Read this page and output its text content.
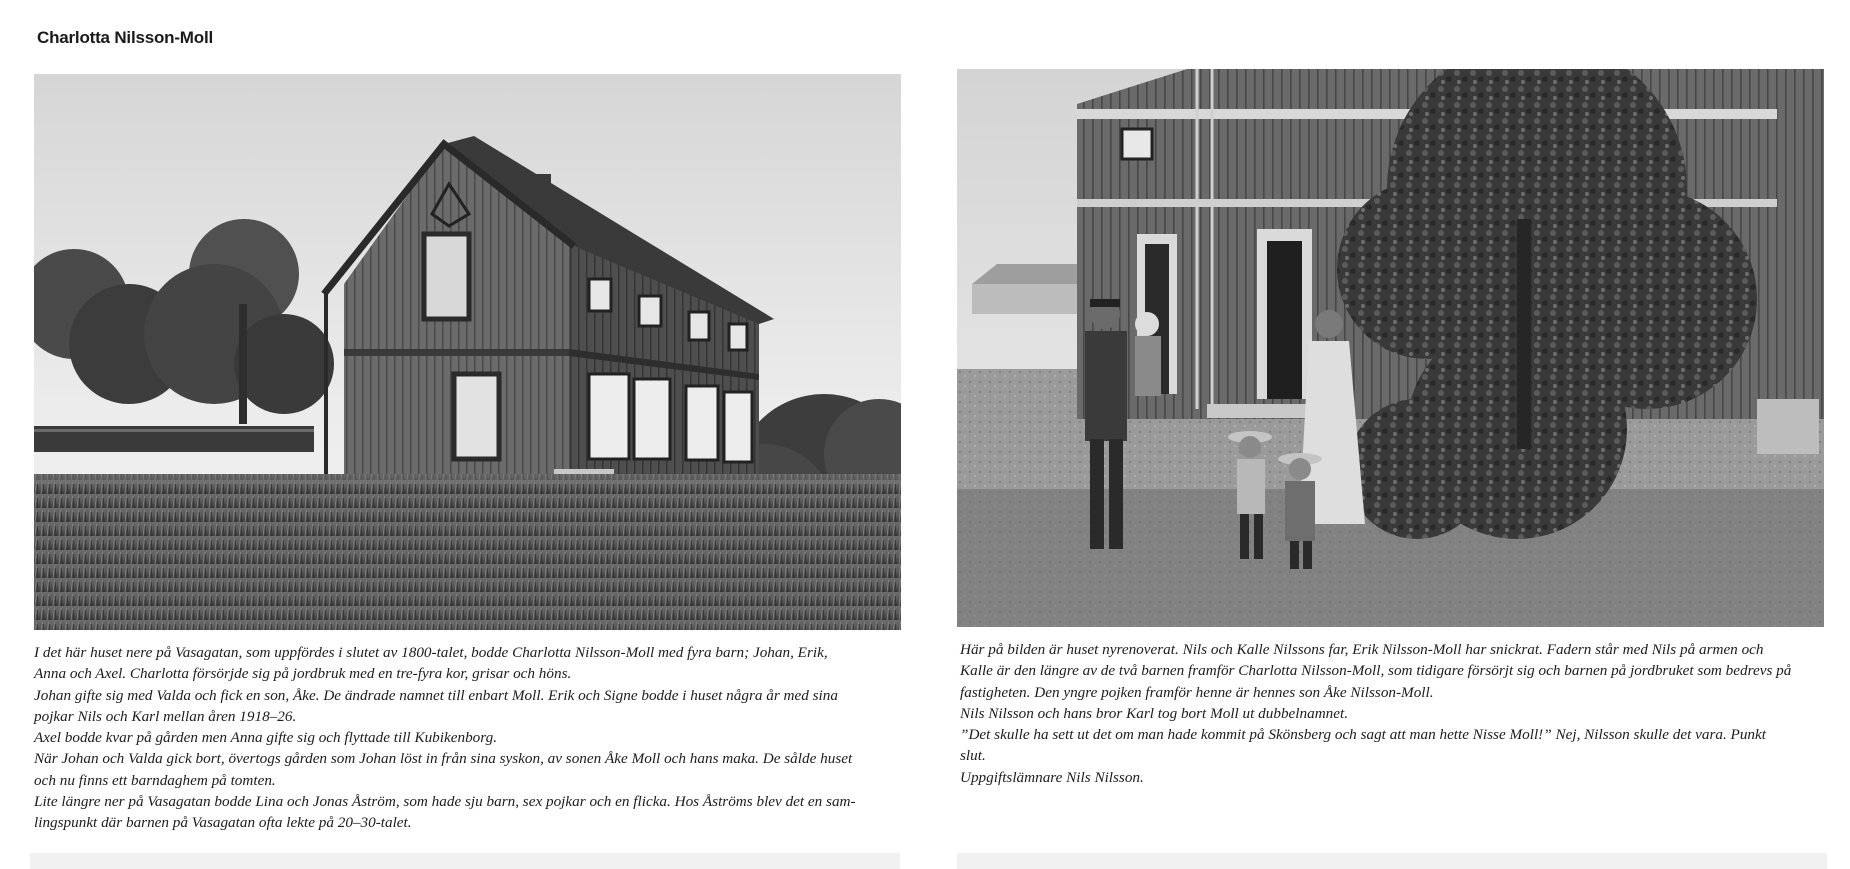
Charlotta Nilsson-Moll

I det här huset nere på Vasagatan, som uppfördes i slutet av 1800-talet, bodde Charlotta Nilsson-Moll med fyra barn; Johan, Erik,

Anna och Axel. Charlotta försörjde sig på jordbruk med en tre-fyra kor, grisar och höns.

Johan gifte sig med Valda och fick en son, Åke. De ändrade namnet till enbart Moll. Erik och Signe bodde i huset några år med sina

pojkar Nils och Karl mellan åren 1918–26.

Axel bodde kvar på gården men Anna gifte sig och flyttade till Kubikenborg.

När Johan och Valda gick bort, övertogs gården som Johan löst in från sina syskon, av sonen Åke Moll och hans maka. De sålde huset

och nu finns ett barndaghem på tomten.

Lite längre ner på Vasagatan bodde Lina och Jonas Åström, som hade sju barn, sex pojkar och en flicka. Hos Åströms blev det en sam-

lingspunkt där barnen på Vasagatan ofta lekte på 20–30-talet.

Här på bilden är huset nyrenoverat. Nils och Kalle Nilssons far, Erik Nilsson-Moll har snickrat. Fadern står med Nils på armen och

Kalle är den längre av de två barnen framför Charlotta Nilsson-Moll, som tidigare försörjt sig och barnen på jordbruket som bedrevs på

fastigheten. Den yngre pojken framför henne är hennes son Åke Nilsson-Moll.

Nils Nilsson och hans bror Karl tog bort Moll ut dubbelnamnet.

”Det skulle ha sett ut det om man hade kommit på Skönsberg och sagt att man hette Nisse Moll!” Nej, Nilsson skulle det vara. Punkt

slut.

Uppgiftslämnare Nils Nilsson.
